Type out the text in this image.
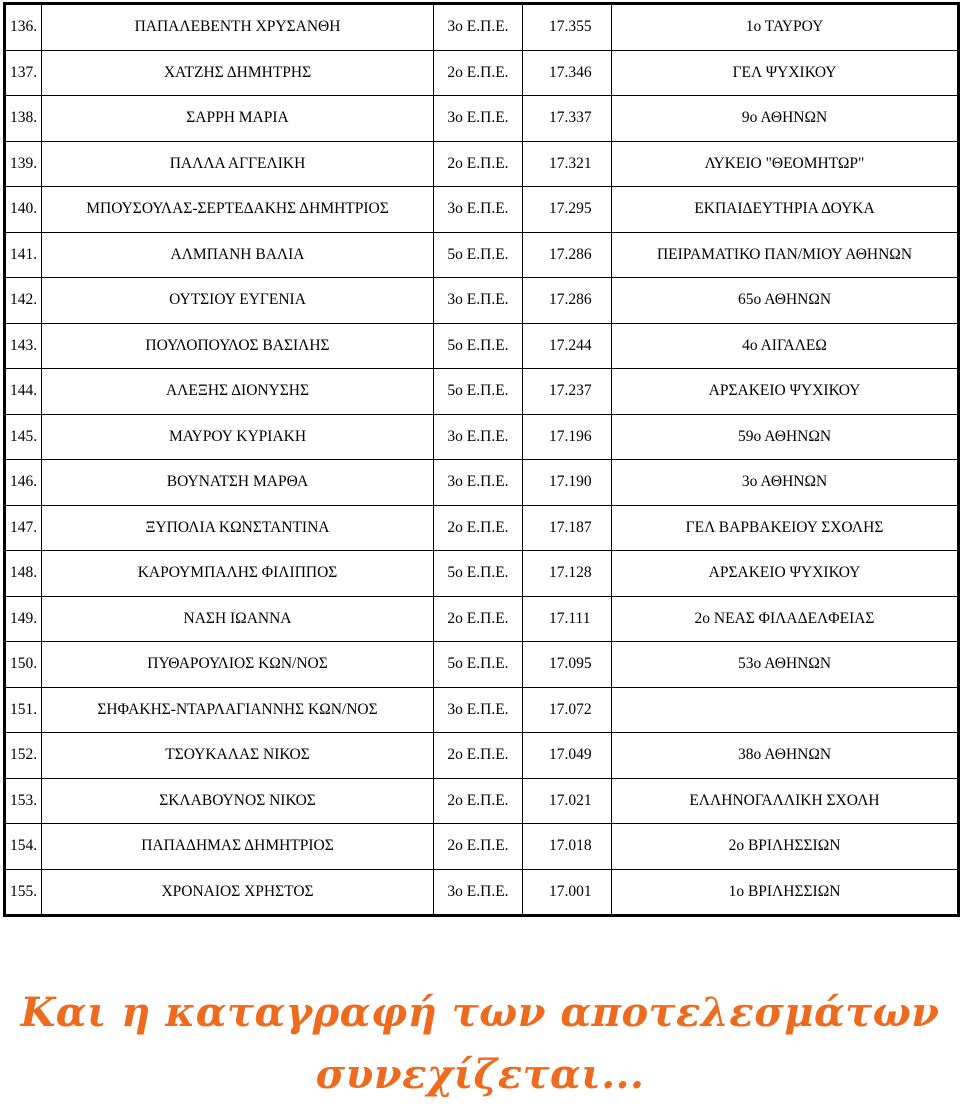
136.	ΠΑΠΑΛΕΒΕΝΤΗ ΧΡΥΣΑΝΘΗ	3ο Ε.Π.Ε.	17.355	1ο ΤΑΥΡΟΥ
137.	ΧΑΤΖΗΣ ΔΗΜΗΤΡΗΣ	2ο Ε.Π.Ε.	17.346	ΓΕΛ ΨΥΧΙΚΟΥ
138.	ΣΑΡΡΗ ΜΑΡΙΑ	3ο Ε.Π.Ε.	17.337	9ο ΑΘΗΝΩΝ
139.	ΠΑΛΛΑ ΑΓΓΕΛΙΚΗ	2ο Ε.Π.Ε.	17.321	ΛΥΚΕΙΟ "ΘΕΟΜΗΤΩΡ"
140.	ΜΠΟΥΣΟΥΛΑΣ-ΣΕΡΤΕΔΑΚΗΣ ΔΗΜΗΤΡΙΟΣ	3ο Ε.Π.Ε.	17.295	ΕΚΠΑΙΔΕΥΤΗΡΙΑ ΔΟΥΚΑ
141.	ΑΛΜΠΑΝΗ ΒΑΛΙΑ	5ο Ε.Π.Ε.	17.286	ΠΕΙΡΑΜΑΤΙΚΟ ΠΑΝ/ΜΙΟΥ ΑΘΗΝΩΝ
142.	ΟΥΤΣΙΟΥ ΕΥΓΕΝΙΑ	3ο Ε.Π.Ε.	17.286	65ο ΑΘΗΝΩΝ
143.	ΠΟΥΛΟΠΟΥΛΟΣ ΒΑΣΙΛΗΣ	5ο Ε.Π.Ε.	17.244	4ο ΑΙΓΑΛΕΩ
144.	ΑΛΕΞΗΣ ΔΙΟΝΥΣΗΣ	5ο Ε.Π.Ε.	17.237	ΑΡΣΑΚΕΙΟ ΨΥΧΙΚΟΥ
145.	ΜΑΥΡΟΥ ΚΥΡΙΑΚΗ	3ο Ε.Π.Ε.	17.196	59ο ΑΘΗΝΩΝ
146.	ΒΟΥΝΑΤΣΗ ΜΑΡΘΑ	3ο Ε.Π.Ε.	17.190	3ο ΑΘΗΝΩΝ
147.	ΞΥΠΟΛΙΑ ΚΩΝΣΤΑΝΤΙΝΑ	2ο Ε.Π.Ε.	17.187	ΓΕΛ ΒΑΡΒΑΚΕΙΟΥ ΣΧΟΛΗΣ
148.	ΚΑΡΟΥΜΠΑΛΗΣ ΦΙΛΙΠΠΟΣ	5ο Ε.Π.Ε.	17.128	ΑΡΣΑΚΕΙΟ ΨΥΧΙΚΟΥ
149.	ΝΑΣΗ ΙΩΑΝΝΑ	2ο Ε.Π.Ε.	17.111	2ο ΝΕΑΣ ΦΙΛΑΔΕΛΦΕΙΑΣ
150.	ΠΥΘΑΡΟΥΛΙΟΣ ΚΩΝ/ΝΟΣ	5ο Ε.Π.Ε.	17.095	53ο ΑΘΗΝΩΝ
151.	ΣΗΦΑΚΗΣ-ΝΤΑΡΛΑΓΙΑΝΝΗΣ ΚΩΝ/ΝΟΣ	3ο Ε.Π.Ε.	17.072	
152.	ΤΣΟΥΚΑΛΑΣ ΝΙΚΟΣ	2ο Ε.Π.Ε.	17.049	38ο ΑΘΗΝΩΝ
153.	ΣΚΛΑΒΟΥΝΟΣ ΝΙΚΟΣ	2ο Ε.Π.Ε.	17.021	ΕΛΛΗΝΟΓΑΛΛΙΚΗ ΣΧΟΛΗ
154.	ΠΑΠΑΔΗΜΑΣ ΔΗΜΗΤΡΙΟΣ	2ο Ε.Π.Ε.	17.018	2ο ΒΡΙΛΗΣΣΙΩΝ
155.	ΧΡΟΝΑΙΟΣ ΧΡΗΣΤΟΣ	3ο Ε.Π.Ε.	17.001	1ο ΒΡΙΛΗΣΣΙΩΝ
Και η καταγραφή των αποτελεσμάτων
συνεχίζεται...
